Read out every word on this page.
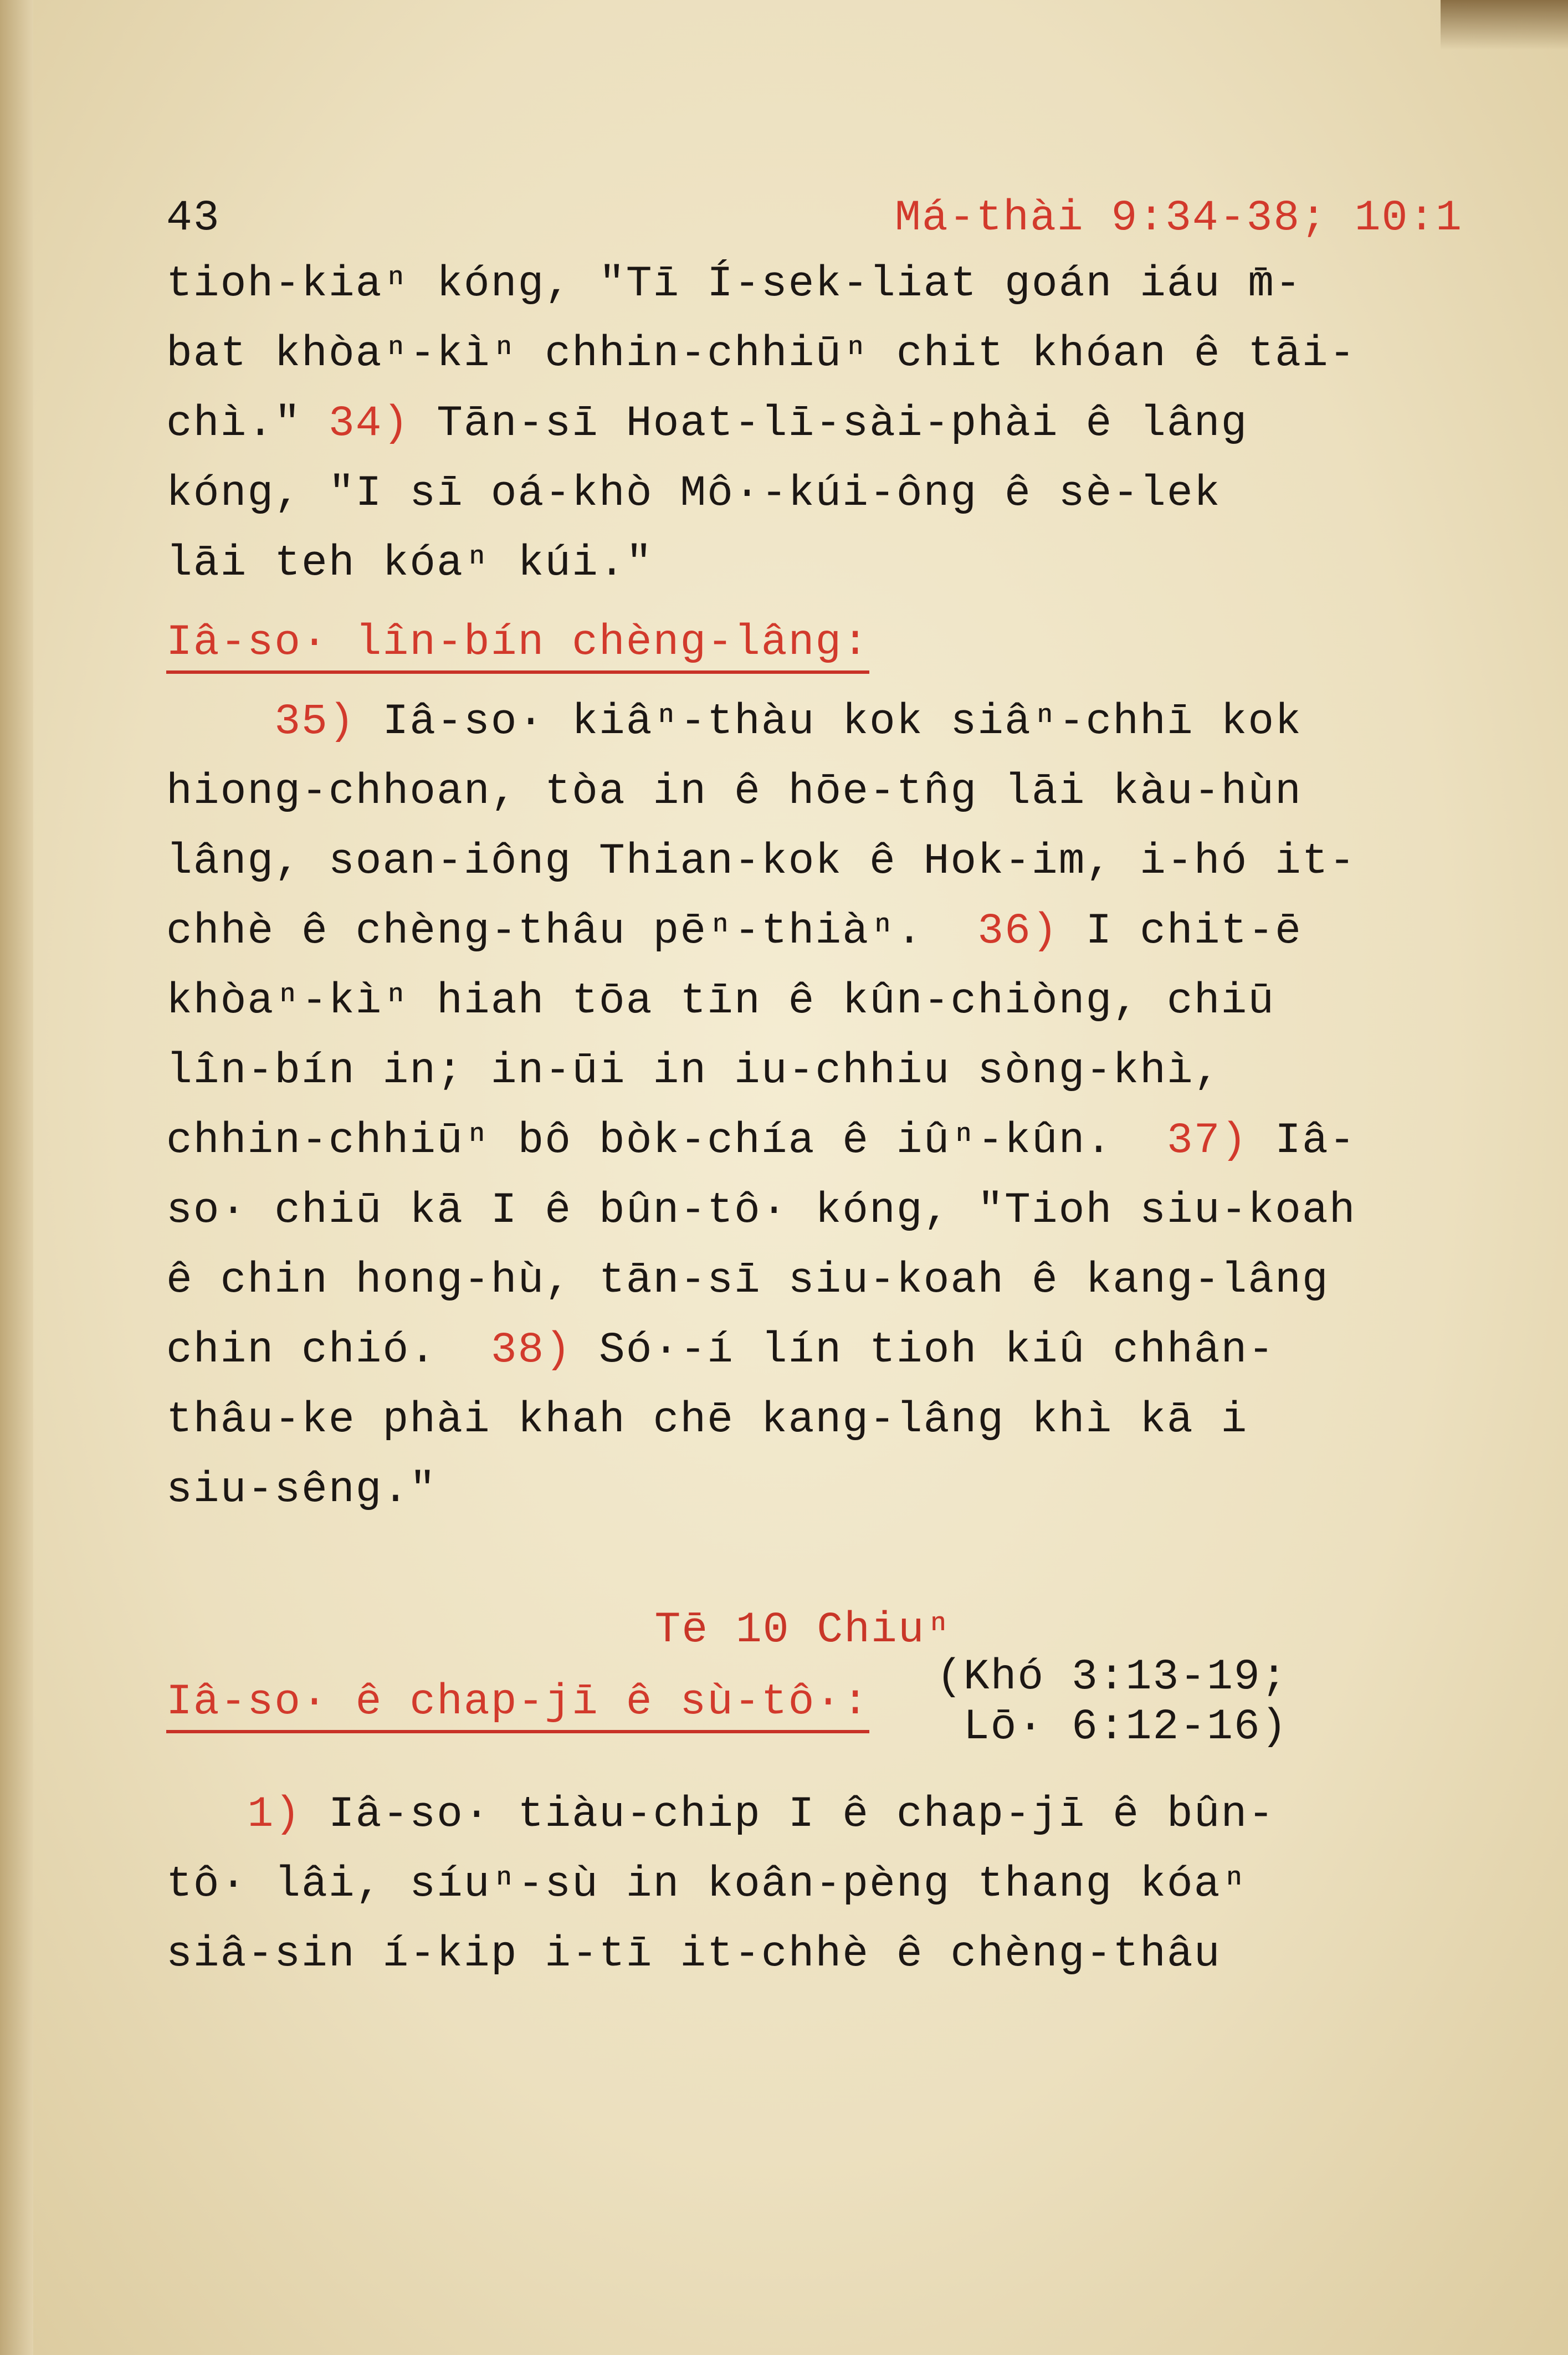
43	Má-thài 9:34-38; 10:1
tioh-kiaⁿ kóng, "Tī Í-sek-liat goán iáu m̄-
bat khòaⁿ-kìⁿ chhin-chhiūⁿ chit khóan ê tāi-
chì." 34) Tān-sī Hoat-lī-sài-phài ê lâng
kóng, "I sī oá-khò Mô·-kúi-ông ê sè-lek
lāi teh kóaⁿ kúi."
Iâ-so· lîn-bín chèng-lâng:
35) Iâ-so· kiâⁿ-thàu kok siâⁿ-chhī kok
hiong-chhoan, tòa in ê hōe-tn̂g lāi kàu-hùn
lâng, soan-iông Thian-kok ê Hok-im, i-hó it-
chhè ê chèng-thâu pēⁿ-thiàⁿ.  36) I chit-ē
khòaⁿ-kìⁿ hiah tōa tīn ê kûn-chiòng, chiū
lîn-bín in; in-ūi in iu-chhiu sòng-khì,
chhin-chhiūⁿ bô bòk-chía ê iûⁿ-kûn.  37) Iâ-
so· chiū kā I ê bûn-tô· kóng, "Tioh siu-koah
ê chin hong-hù, tān-sī siu-koah ê kang-lâng
chin chió.  38) Só·-í lín tioh kiû chhân-
thâu-ke phài khah chē kang-lâng khì kā i
siu-sêng."
Tē 10 Chiuⁿ
Iâ-so· ê chap-jī ê sù-tô·:
(Khó 3:13-19;
Lō· 6:12-16)
1) Iâ-so· tiàu-chip I ê chap-jī ê bûn-
tô· lâi, síuⁿ-sù in koân-pèng thang kóaⁿ
siâ-sin í-kip i-tī it-chhè ê chèng-thâu
